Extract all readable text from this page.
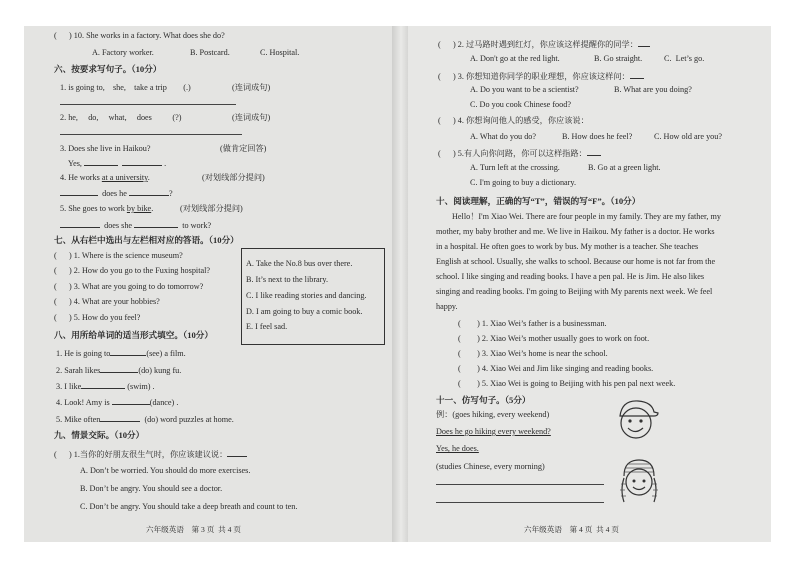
(      ) 10. She works in a factory. What does she do?
A. Factory worker.	B. Postcard.	C. Hospital.
六、按要求写句子。（10分）
1. is going to,    she,    take a trip        (.)	(连词成句)
2. he,     do,     what,     does          (?)	(连词成句)
3. Does she live in Haikou?	(做肯定回答)
Yes,	.
4. He works at a university.	(对划线部分提问)
does he	?
5. She goes to work by bike.	(对划线部分提问)
does she	to work?
七、从右栏中选出与左栏相对应的答语。（10分）
(      ) 1. Where is the science museum?
(      ) 2. How do you go to the Fuxing hospital?
(      ) 3. What are you going to do tomorrow?
(      ) 4. What are your hobbies?
(      ) 5. How do you feel?
A. Take the No.8 bus over there.
B. It’s next to the library.
C. I like reading stories and dancing.
D. I am going to buy a comic book.
E. I feel sad.
八、用所给单词的适当形式填空。（10分）
1. He is going to	(see) a film.
2. Sarah likes	(do) kung fu.
3. I like	(swim) .
4. Look! Amy is	(dance) .
5. Mike often	(do) word puzzles at home.
九、情景交际。（10分）
(      ) 1.当你的好朋友很生气时，你应该建议说：
A. Don’t be worried. You should do more exercises.
B. Don’t be angry. You should see a doctor.
C. Don’t be angry. You should take a deep breath and count to ten.
六年级英语    第 3 页  共 4 页
(      ) 2. 过马路时遇到红灯，你应该这样提醒你的同学：
A. Don't go at the red light.	B. Go straight.	C.  Let’s go.
(      ) 3. 你想知道你同学的职业理想，你应该这样问：
A. Do you want to be a scientist?	B. What are you doing?
C. Do you cook Chinese food?
(      ) 4. 你想询问他人的感受，你应该说：
A. What do you do?	B. How does he feel?	C. How old are you?
(      ) 5.有人向你问路，你可以这样指路：
A. Turn left at the crossing.	B. Go at a green light.
C. I'm going to buy a dictionary.
十、阅读理解，正确的写“T”，错误的写“F”。（10分）
Hello！I'm Xiao Wei. There are four people in my family. They are my father, my
mother, my baby brother and me. We live in Haikou. My father is a doctor. He works
in a hospital. He often goes to work by bus. My mother is a teacher. She teaches
English at school. Usually, she walks to school. Because our home is not far from the
school. I like singing and reading books. I have a pen pal. He is Jim. He also likes
singing and reading books. I'm going to Beijing with My parents next week. We feel
happy.
(        ) 1. Xiao Wei’s father is a businessman.
(        ) 2. Xiao Wei’s mother usually goes to work on foot.
(        ) 3. Xiao Wei’s home is near the school.
(        ) 4. Xiao Wei and Jim like singing and reading books.
(        ) 5. Xiao Wei is going to Beijing with his pen pal next week.
十一、仿写句子。（5分）
例：(goes hiking, every weekend)
Does he go hiking every weekend?
Yes, he does.
(studies Chinese, every morning)
六年级英语    第 4 页  共 4 页
